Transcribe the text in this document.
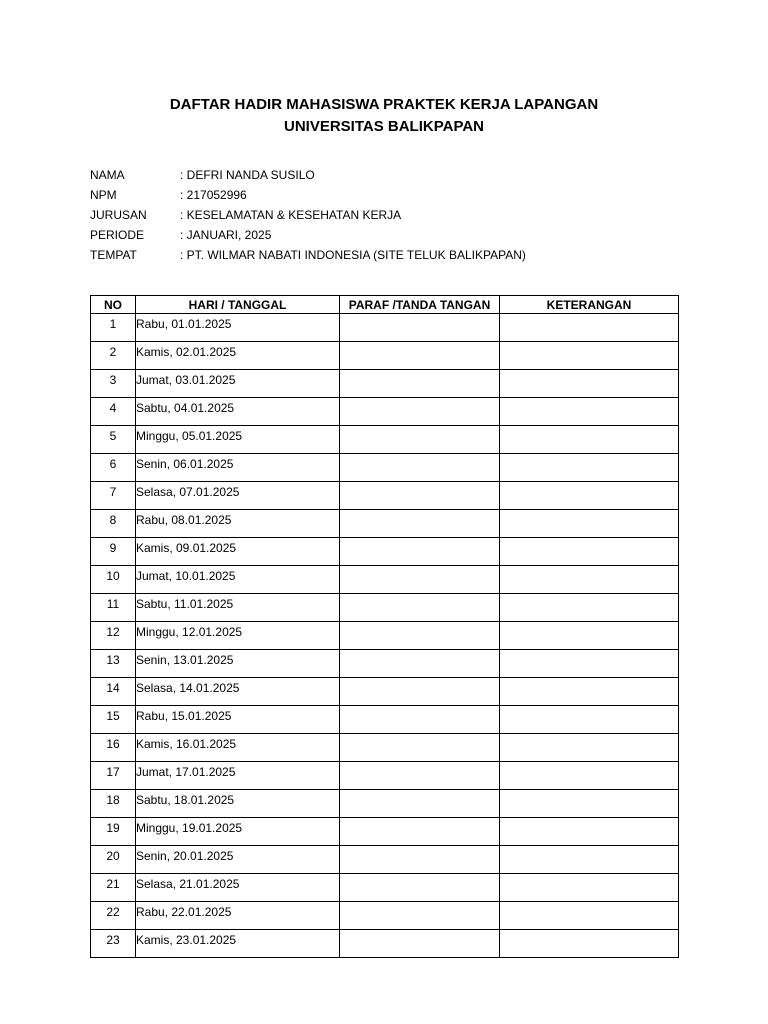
DAFTAR HADIR MAHASISWA PRAKTEK KERJA LAPANGAN
UNIVERSITAS BALIKPAPAN
NAMA	: DEFRI NANDA SUSILO
NPM	: 217052996
JURUSAN	: KESELAMATAN & KESEHATAN KERJA
PERIODE	: JANUARI, 2025
TEMPAT	: PT. WILMAR NABATI INDONESIA (SITE TELUK BALIKPAPAN)
NO	HARI / TANGGAL	PARAF /TANDA TANGAN	KETERANGAN
1	Rabu, 01.01.2025		
2	Kamis, 02.01.2025		
3	Jumat, 03.01.2025		
4	Sabtu, 04.01.2025		
5	Minggu, 05.01.2025		
6	Senin, 06.01.2025		
7	Selasa, 07.01.2025		
8	Rabu, 08.01.2025		
9	Kamis, 09.01.2025		
10	Jumat, 10.01.2025		
11	Sabtu, 11.01.2025		
12	Minggu, 12.01.2025		
13	Senin, 13.01.2025		
14	Selasa, 14.01.2025		
15	Rabu, 15.01.2025		
16	Kamis, 16.01.2025		
17	Jumat, 17.01.2025		
18	Sabtu, 18.01.2025		
19	Minggu, 19.01.2025		
20	Senin, 20.01.2025		
21	Selasa, 21.01.2025		
22	Rabu, 22.01.2025		
23	Kamis, 23.01.2025		
